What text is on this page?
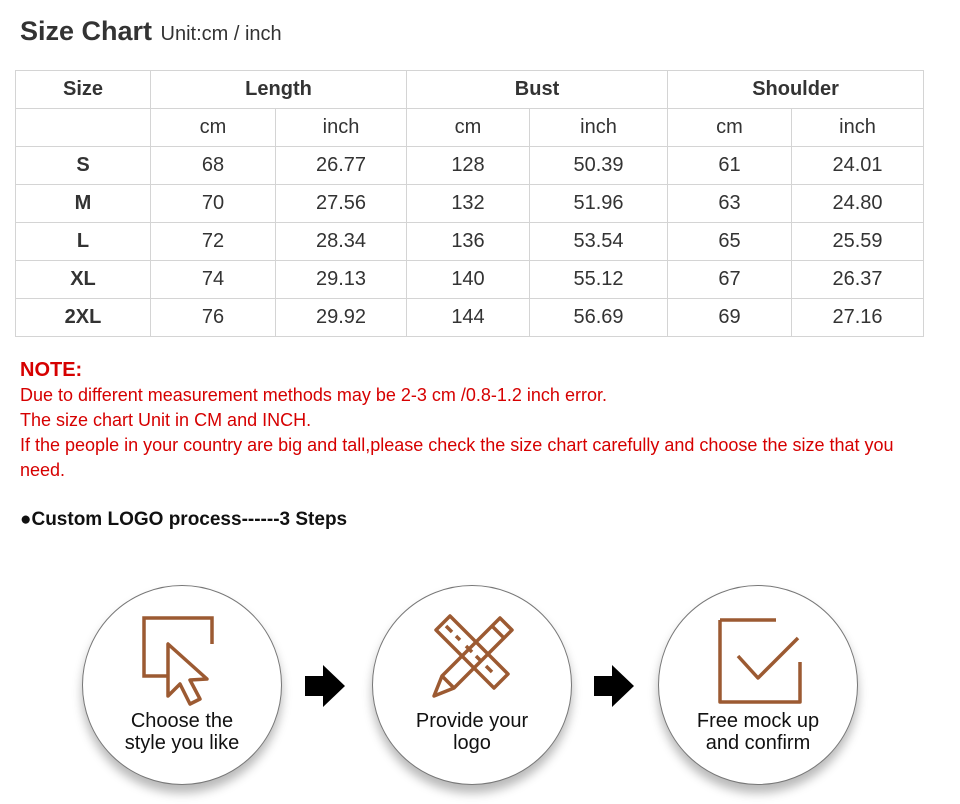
Size Chart Unit:cm / inch
Size	Length		Bust		Shoulder	
	cm	inch	cm	inch	cm	inch
S	68	26.77	128	50.39	61	24.01
M	70	27.56	132	51.96	63	24.80
L	72	28.34	136	53.54	65	25.59
XL	74	29.13	140	55.12	67	26.37
2XL	76	29.92	144	56.69	69	27.16
NOTE:

Due to different measurement methods may be 2-3 cm /0.8-1.2 inch error.

The size chart Unit in CM and INCH.

If the people in your country are big and tall,please check the size chart carefully and choose the size that you need.

●Custom LOGO process------3 Steps
Choose the
style you like
Provide your
logo
Free mock up
and confirm
